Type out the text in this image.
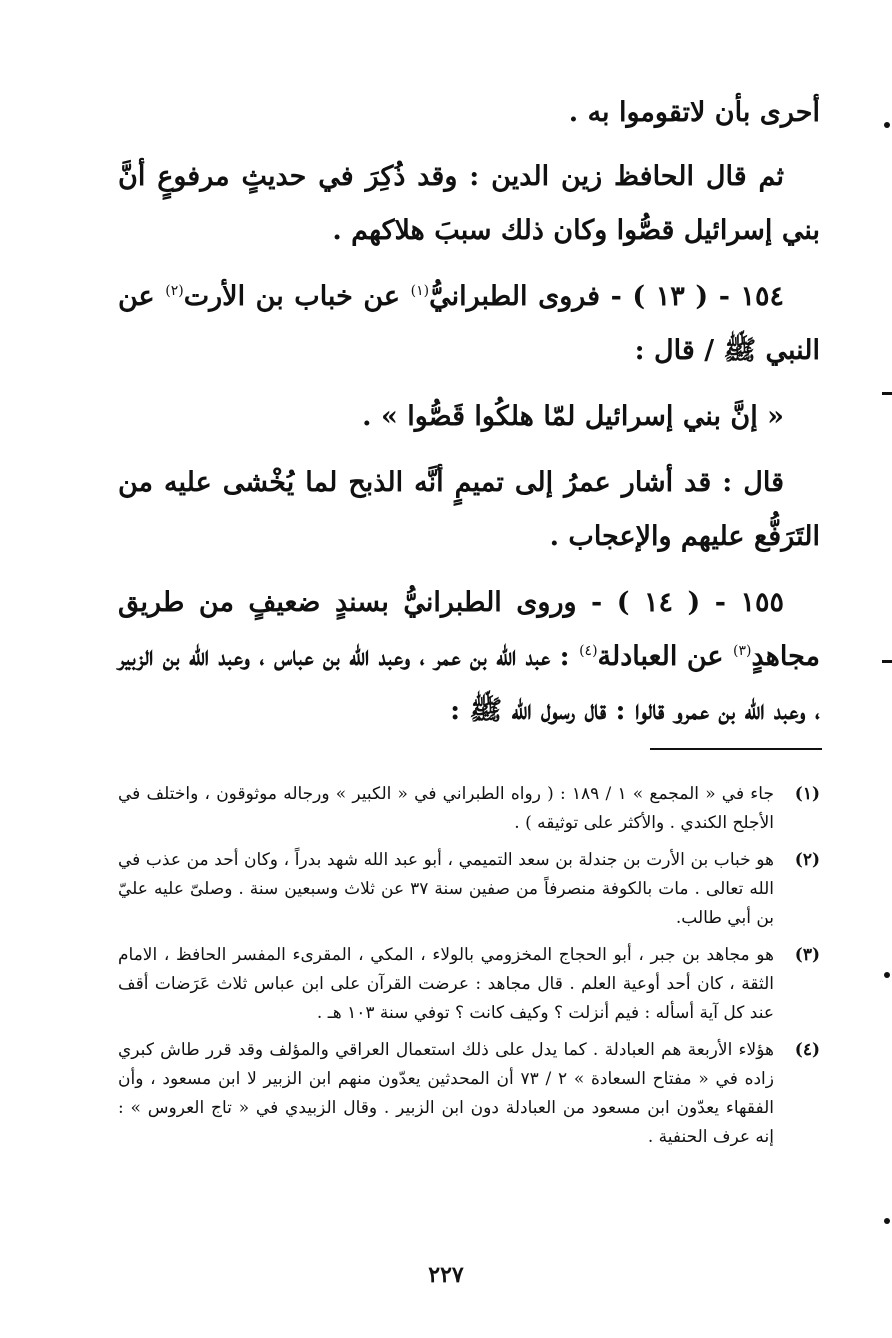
أحرى بأن لاتقوموا به .

ثم قال الحافظ زين الدين : وقد ذُكِرَ في حديثٍ مرفوعٍ أنَّ بني إسرائيل قصُّوا وكان ذلك سببَ هلاكهم .

١٥٤ - ( ١٣ ) - فروى الطبرانيُّ$^{(١)}$ عن خباب بن الأرت$^{(٢)}$ عن النبي ﷺ / قال :

« إنَّ بني إسرائيل لمّا هلكُوا قَصُّوا » .

قال : قد أشار عمرُ إلى تميمٍ أنَّه الذبح لما يُخْشى عليه من التَرَفُّع عليهم والإعجاب .

١٥٥ - ( ١٤ ) - وروى الطبرانيُّ بسندٍ ضعيفٍ من طريق مجاهدٍ$^{(٣)}$ عن العبادلة$^{(٤)}$ : عبد الله بن عمر ، وعبد الله بن عباس ، وعبد الله بن الزبير ، وعبد الله بن عمرو قالوا : قال رسول الله ﷺ :

(١)
جاء في « المجمع » ١ / ١٨٩ : ( رواه الطبراني في « الكبير » ورجاله موثوقون ، واختلف في الأجلح الكندي . والأكثر على توثيقه ) .
(٢)
هو خباب بن الأرت بن جندلة بن سعد التميمي ، أبو عبد الله شهد بدراً ، وكان أحد من عذب في الله تعالى . مات بالكوفة منصرفاً من صفين سنة ٣٧ عن ثلاث وسبعين سنة . وصلىّ عليه عليّ بن أبي طالب.
(٣)
هو مجاهد بن جبر ، أبو الحجاج المخزومي بالولاء ، المكي ، المقرىء المفسر الحافظ ، الامام الثقة ، كان أحد أوعية العلم . قال مجاهد : عرضت القرآن على ابن عباس ثلاث عَرَضات أقف عند كل آية أسأله : فيم أنزلت ؟ وكيف كانت ؟ توفي سنة ١٠٣ هـ .
(٤)
هؤلاء الأربعة هم العبادلة . كما يدل على ذلك استعمال العراقي والمؤلف وقد قرر طاش كبري زاده في « مفتاح السعادة » ٢ / ٧٣ أن المحدثين يعدّون منهم ابن الزبير لا ابن مسعود ، وأن الفقهاء يعدّون ابن مسعود من العبادلة دون ابن الزبير . وقال الزبيدي في « تاج العروس » : إنه عرف الحنفية .
٢٢٧
